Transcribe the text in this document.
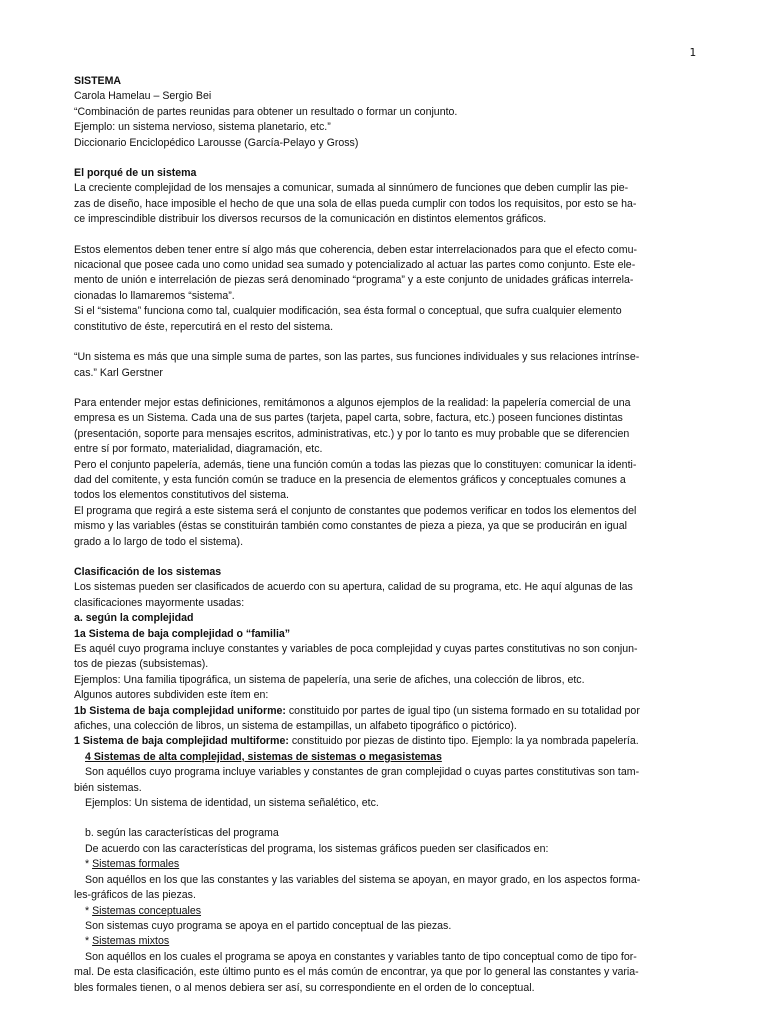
1
SISTEMA
Carola Hamelau – Sergio Bei
“Combinación de partes reunidas para obtener un resultado o formar un conjunto.
Ejemplo: un sistema nervioso, sistema planetario, etc.”
Diccionario Enciclopédico Larousse (García-Pelayo y Gross)
El porqué de un sistema
La creciente complejidad de los mensajes a comunicar, sumada al sinnúmero de funciones que deben cumplir las pie-
zas de diseño, hace imposible el hecho de que una sola de ellas pueda cumplir con todos los requisitos, por esto se ha-
ce imprescindible distribuir los diversos recursos de la comunicación en distintos elementos gráficos.
Estos elementos deben tener entre sí algo más que coherencia, deben estar interrelacionados para que el efecto comu-
nicacional que posee cada uno como unidad sea sumado y potencializado al actuar las partes como conjunto. Este ele-
mento de unión e interrelación de piezas será denominado “programa” y a este conjunto de unidades gráficas interrela-
cionadas lo llamaremos “sistema”.
Si el “sistema” funciona como tal, cualquier modificación, sea ésta formal o conceptual, que sufra cualquier elemento
constitutivo de éste, repercutirá en el resto del sistema.
“Un sistema es más que una simple suma de partes, son las partes, sus funciones individuales y sus relaciones intrínse-
cas.” Karl Gerstner
Para entender mejor estas definiciones, remitámonos a algunos ejemplos de la realidad: la papelería comercial de una
empresa es un Sistema. Cada una de sus partes (tarjeta, papel carta, sobre, factura, etc.) poseen funciones distintas
(presentación, soporte para mensajes escritos, administrativas, etc.) y por lo tanto es muy probable que se diferencien
entre sí por formato, materialidad, diagramación, etc.
Pero el conjunto papelería, además, tiene una función común a todas las piezas que lo constituyen: comunicar la identi-
dad del comitente, y esta función común se traduce en la presencia de elementos gráficos y conceptuales comunes a
todos los elementos constitutivos del sistema.
El programa que regirá a este sistema será el conjunto de constantes que podemos verificar en todos los elementos del
mismo y las variables (éstas se constituirán también como constantes de pieza a pieza, ya que se producirán en igual
grado a lo largo de todo el sistema).
Clasificación de los sistemas
Los sistemas pueden ser clasificados de acuerdo con su apertura, calidad de su programa, etc. He aquí algunas de las
clasificaciones mayormente usadas:
a. según la complejidad
1a Sistema de baja complejidad o “familia”
Es aquél cuyo programa incluye constantes y variables de poca complejidad y cuyas partes constitutivas no son conjun-
tos de piezas (subsistemas).
Ejemplos: Una familia tipográfica, un sistema de papelería, una serie de afiches, una colección de libros, etc.
Algunos autores subdividen este ítem en:
1b Sistema de baja complejidad uniforme: constituido por partes de igual tipo (un sistema formado en su totalidad por
afiches, una colección de libros, un sistema de estampillas, un alfabeto tipográfico o pictórico).
1 Sistema de baja complejidad multiforme: constituido por piezas de distinto tipo. Ejemplo: la ya nombrada papelería.
4 Sistemas de alta complejidad, sistemas de sistemas o megasistemas
Son aquéllos cuyo programa incluye variables y constantes de gran complejidad o cuyas partes constitutivas son tam-
bién sistemas.
Ejemplos: Un sistema de identidad, un sistema señalético, etc.
b. según las características del programa
De acuerdo con las características del programa, los sistemas gráficos pueden ser clasificados en:
* Sistemas formales
Son aquéllos en los que las constantes y las variables del sistema se apoyan, en mayor grado, en los aspectos forma-
les-gráficos de las piezas.
* Sistemas conceptuales
Son sistemas cuyo programa se apoya en el partido conceptual de las piezas.
* Sistemas mixtos
Son aquéllos en los cuales el programa se apoya en constantes y variables tanto de tipo conceptual como de tipo for-
mal. De esta clasificación, este último punto es el más común de encontrar, ya que por lo general las constantes y varia-
bles formales tienen, o al menos debiera ser así, su correspondiente en el orden de lo conceptual.
